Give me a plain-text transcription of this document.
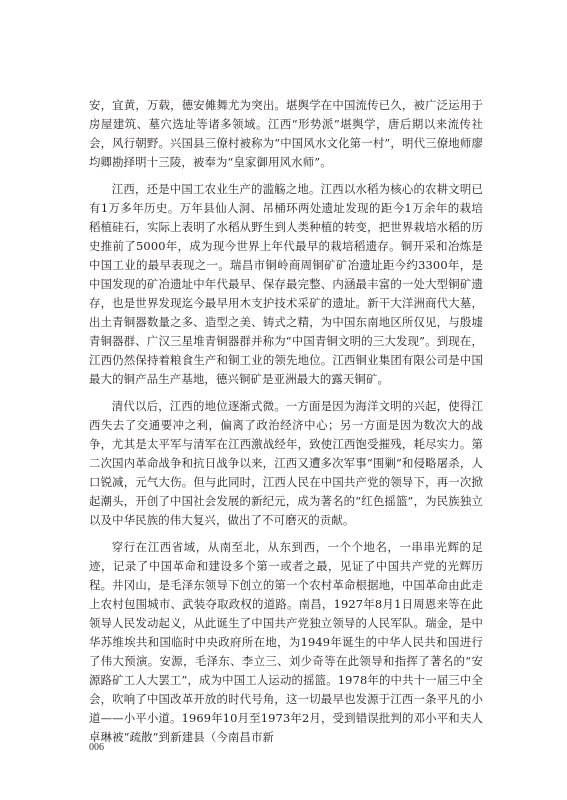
安，宜黄，万载，德安傩舞尤为突出。堪舆学在中国流传已久，被广泛运用于房屋建筑、墓穴选址等诸多领域。江西“形势派”堪舆学，唐后期以来流传社会，风行朝野。兴国县三僚村被称为“中国风水文化第一村”，明代三僚地师廖均卿勘择明十三陵，被奉为“皇家御用风水师”。

江西，还是中国工农业生产的滥觞之地。江西以水稻为核心的农耕文明已有1万多年历史。万年县仙人洞、吊桶环两处遗址发现的距今1万余年的栽培稻植硅石，实际上表明了水稻从野生到人类种植的转变，把世界栽培水稻的历史推前了5000年，成为现今世界上年代最早的栽培稻遗存。铜开采和冶炼是中国工业的最早表现之一。瑞昌市铜岭商周铜矿矿冶遗址距今约3300年，是中国发现的矿冶遗址中年代最早、保存最完整、内涵最丰富的一处大型铜矿遗存，也是世界发现迄今最早用木支护技术采矿的遗址。新干大洋洲商代大墓，出土青铜器数量之多、造型之美、铸式之精，为中国东南地区所仅见，与殷墟青铜器群、广汉三星堆青铜器群并称为“中国青铜文明的三大发现”。到现在，江西仍然保持着粮食生产和铜工业的领先地位。江西铜业集团有限公司是中国最大的铜产品生产基地，德兴铜矿是亚洲最大的露天铜矿。

清代以后，江西的地位逐渐式微。一方面是因为海洋文明的兴起，使得江西失去了交通要冲之利，偏离了政治经济中心；另一方面是因为数次大的战争，尤其是太平军与清军在江西激战经年，致使江西饱受摧残，耗尽实力。第二次国内革命战争和抗日战争以来，江西又遭多次军事“围剿”和侵略屠杀，人口锐减，元气大伤。但与此同时，江西人民在中国共产党的领导下，再一次掀起潮头，开创了中国社会发展的新纪元，成为著名的“红色摇篮”，为民族独立以及中华民族的伟大复兴，做出了不可磨灭的贡献。

穿行在江西省域，从南至北，从东到西，一个个地名，一串串光辉的足迹，记录了中国革命和建设多个第一或者之最，见证了中国共产党的光辉历程。井冈山，是毛泽东领导下创立的第一个农村革命根据地，中国革命由此走上农村包围城市、武装夺取政权的道路。南昌，1927年8月1日周恩来等在此领导人民发动起义，从此诞生了中国共产党独立领导的人民军队。瑞金，是中华苏维埃共和国临时中央政府所在地，为1949年诞生的中华人民共和国进行了伟大预演。安源，毛泽东、李立三、刘少奇等在此领导和指挥了著名的“安源路矿工人大罢工”，成为中国工人运动的摇篮。1978年的中共十一届三中全会，吹响了中国改革开放的时代号角，这一切最早也发源于江西一条平凡的小道——小平小道。1969年10月至1973年2月，受到错误批判的邓小平和夫人卓琳被“疏散”到新建县（今南昌市新

006
